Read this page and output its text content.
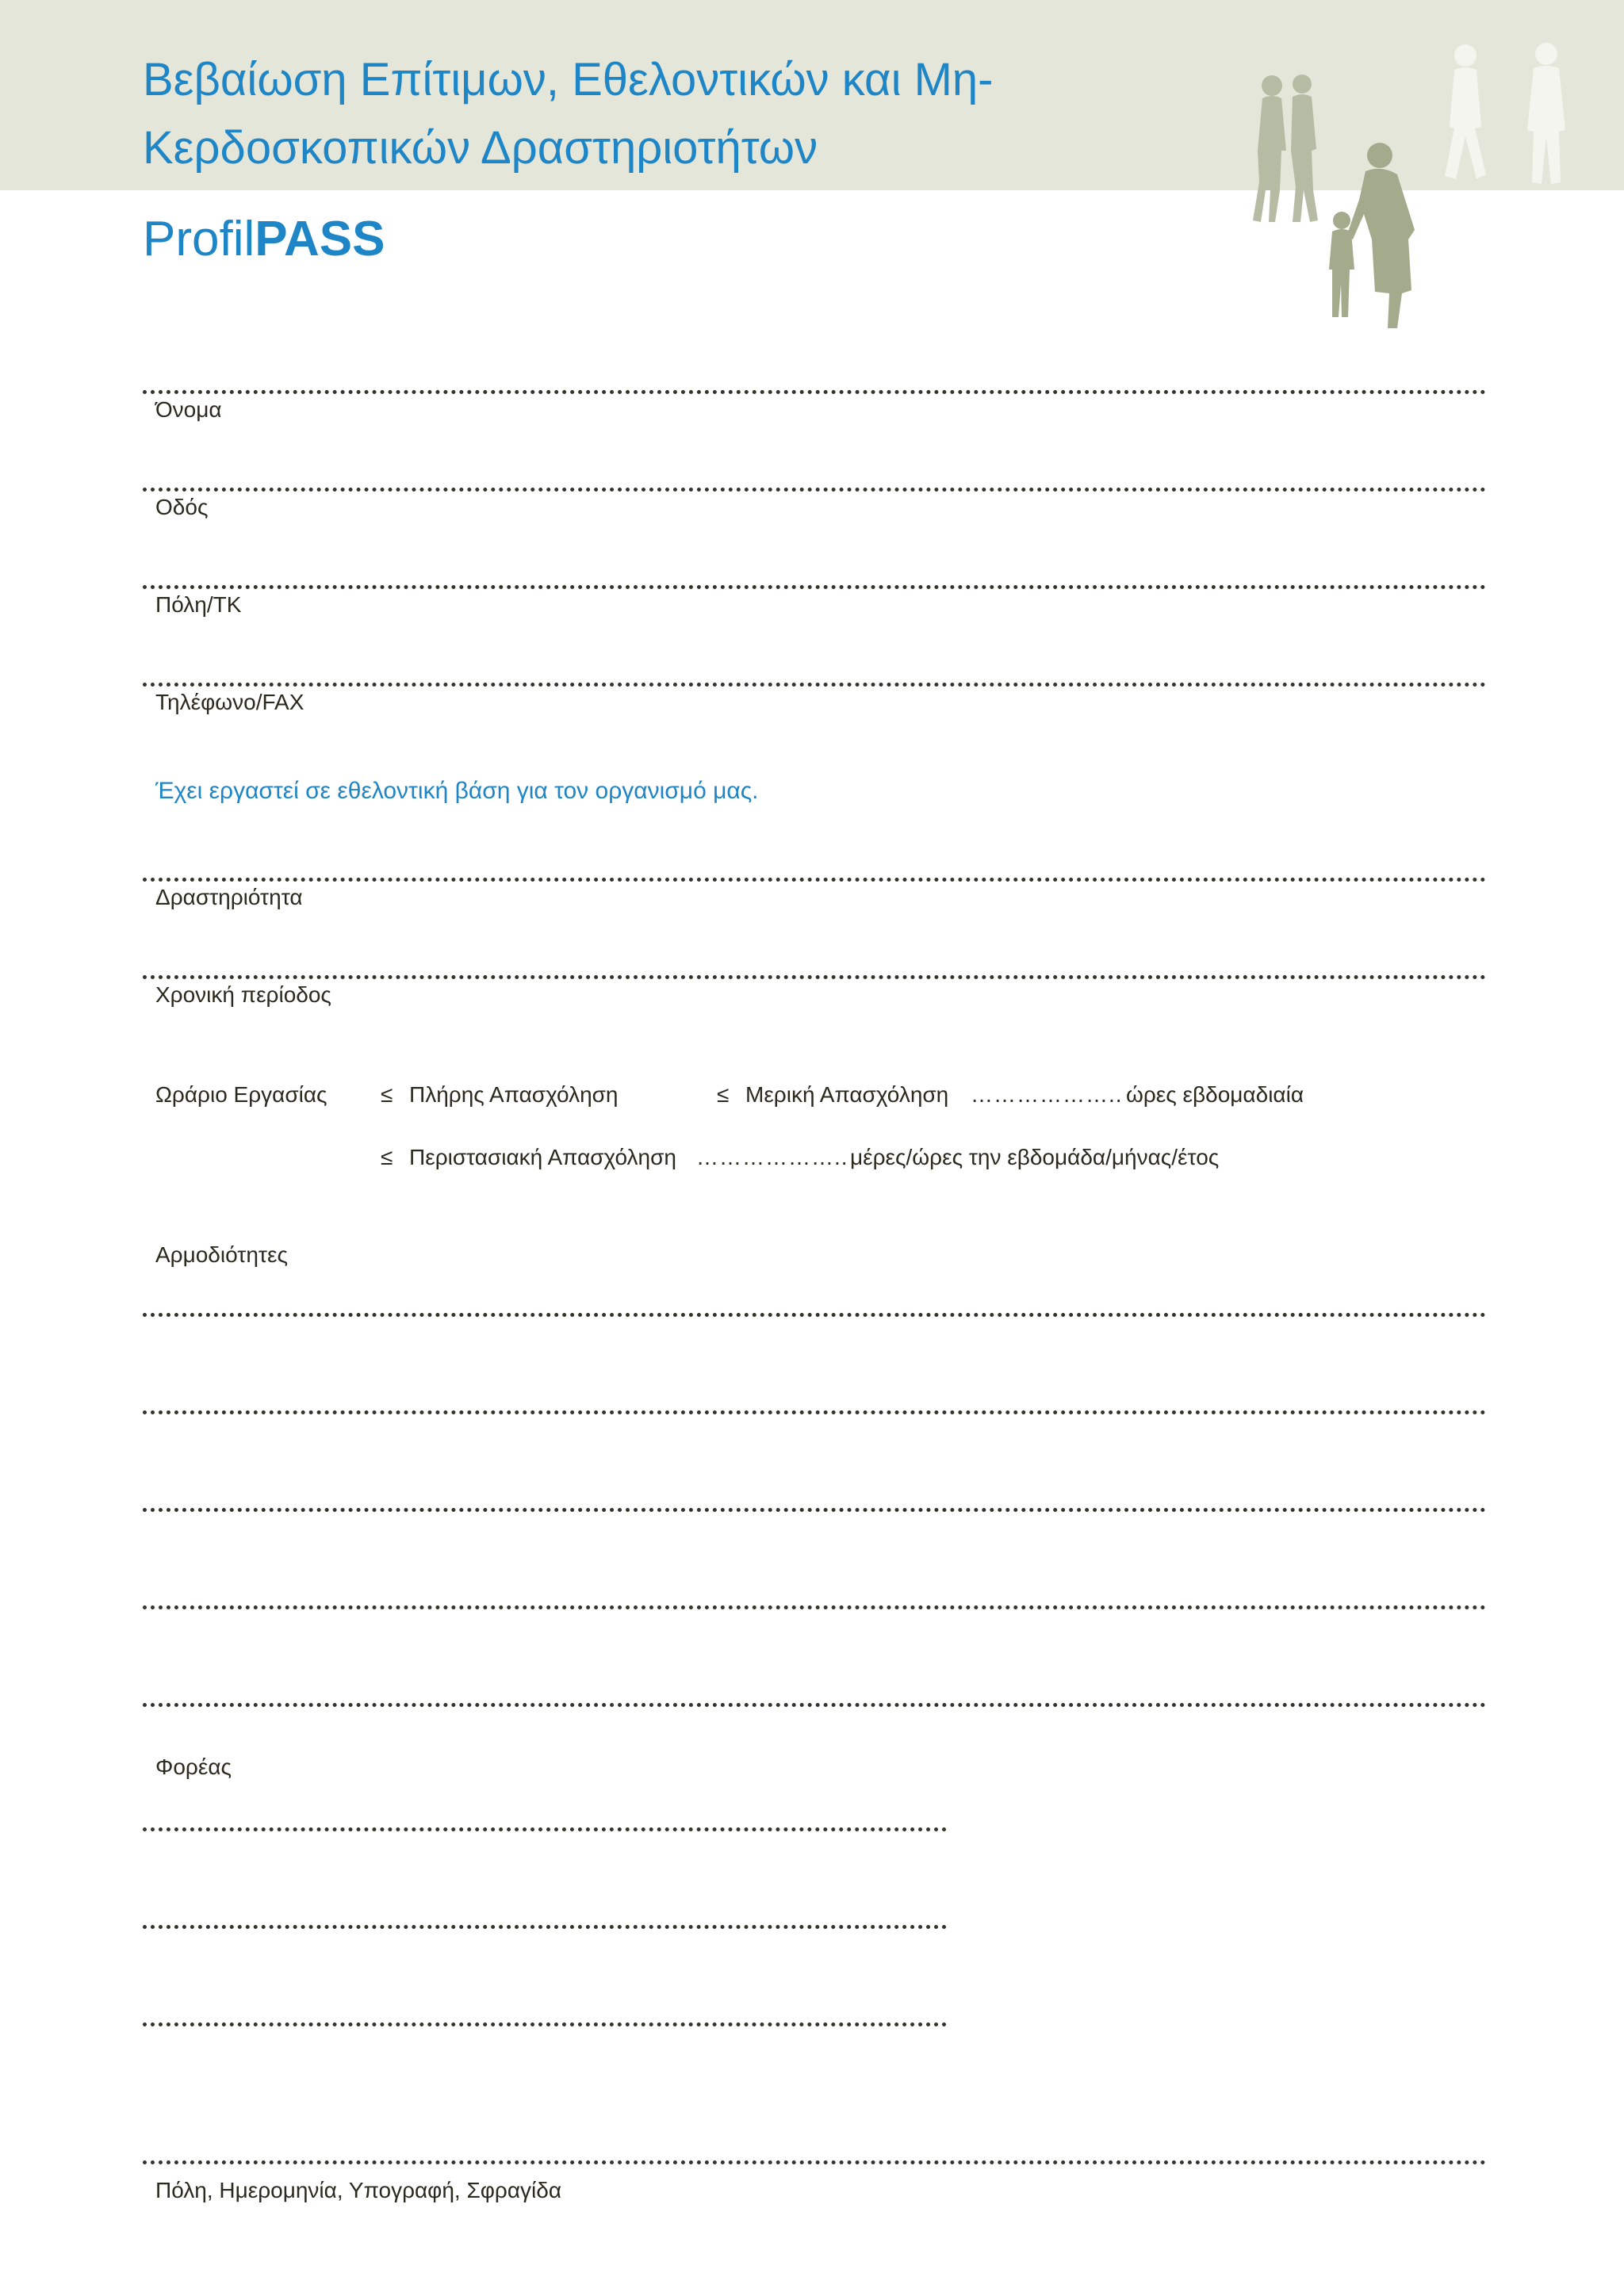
Βεβαίωση Επίτιμων, Εθελοντικών και Μη-Κερδοσκοπικών Δραστηριοτήτων
ProfilPASS
Όνομα
Οδός
Πόλη/ΤΚ
Τηλέφωνο/FAX
Έχει εργαστεί σε εθελοντική βάση για τον οργανισμό μας.
Δραστηριότητα
Χρονική περίοδος
Ωράριο Εργασίας ≤ Πλήρης Απασχόληση	≤ Μερική Απασχόληση ……………….. ώρες εβδομαδιαία
≤ Περιστασιακή Απασχόληση ……………….. μέρες/ώρες την εβδομάδα/μήνας/έτος
Αρμοδιότητες
Φορέας
Πόλη, Ημερομηνία, Υπογραφή, Σφραγίδα
